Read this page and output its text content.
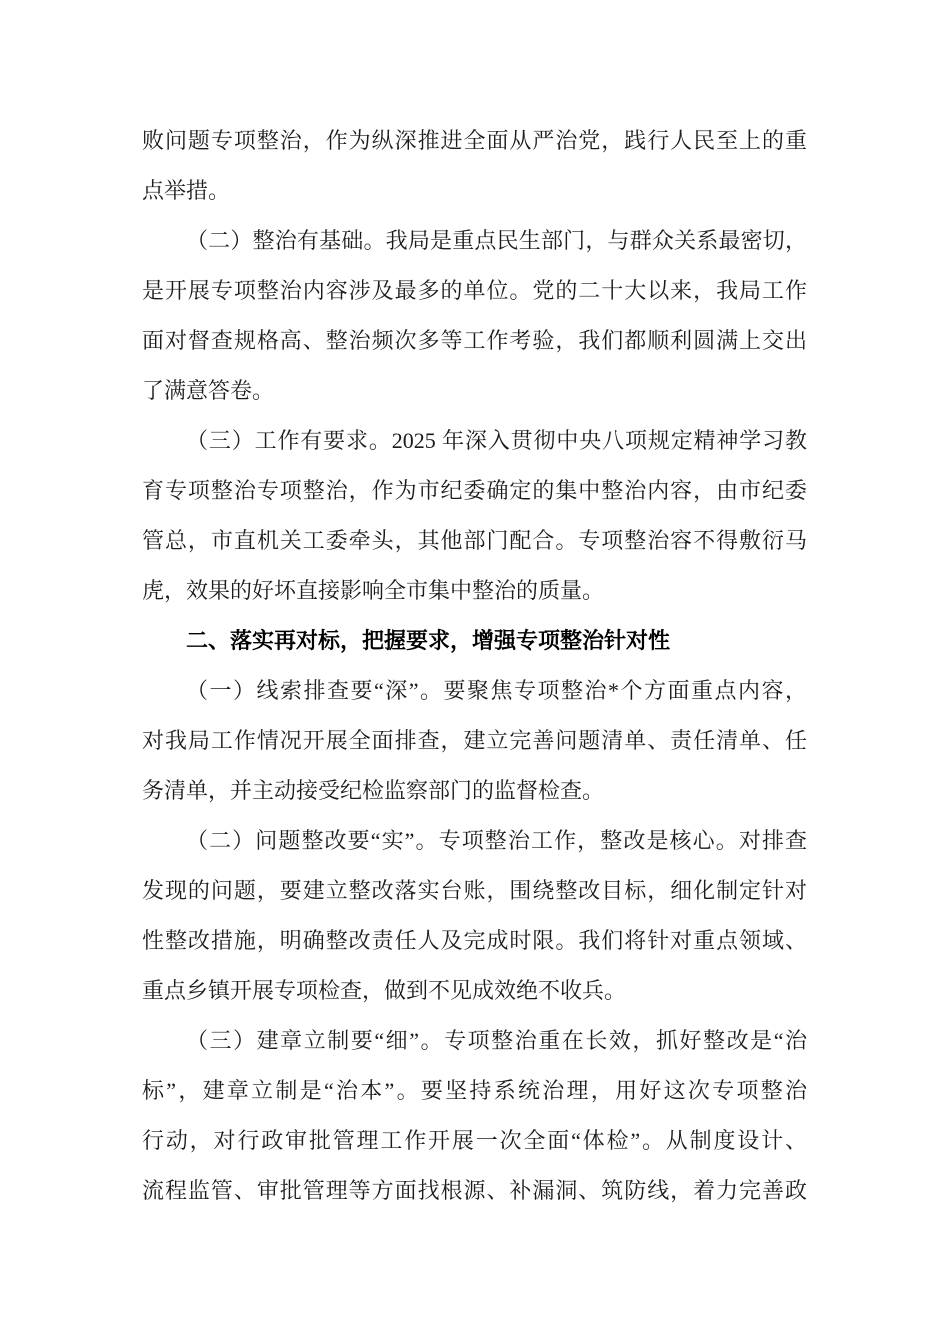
败问题专项整治，作为纵深推进全面从严治党，践行人民至上的重
点举措。
（二）整治有基础。我局是重点民生部门，与群众关系最密切，
是开展专项整治内容涉及最多的单位。党的二十大以来，我局工作
面对督查规格高、整治频次多等工作考验，我们都顺利圆满上交出
了满意答卷。
（三）工作有要求。2025 年深入贯彻中央八项规定精神学习教
育专项整治专项整治，作为市纪委确定的集中整治内容，由市纪委
管总，市直机关工委牵头，其他部门配合。专项整治容不得敷衍马
虎，效果的好坏直接影响全市集中整治的质量。
二、落实再对标，把握要求，增强专项整治针对性
（一）线索排查要“深”。要聚焦专项整治*个方面重点内容，
对我局工作情况开展全面排查，建立完善问题清单、责任清单、任
务清单，并主动接受纪检监察部门的监督检查。
（二）问题整改要“实”。专项整治工作，整改是核心。对排查
发现的问题，要建立整改落实台账，围绕整改目标，细化制定针对
性整改措施，明确整改责任人及完成时限。我们将针对重点领域、
重点乡镇开展专项检查，做到不见成效绝不收兵。
（三）建章立制要“细”。专项整治重在长效，抓好整改是“治
标”，建章立制是“治本”。要坚持系统治理，用好这次专项整治
行动，对行政审批管理工作开展一次全面“体检”。从制度设计、
流程监管、审批管理等方面找根源、补漏洞、筑防线，着力完善政
